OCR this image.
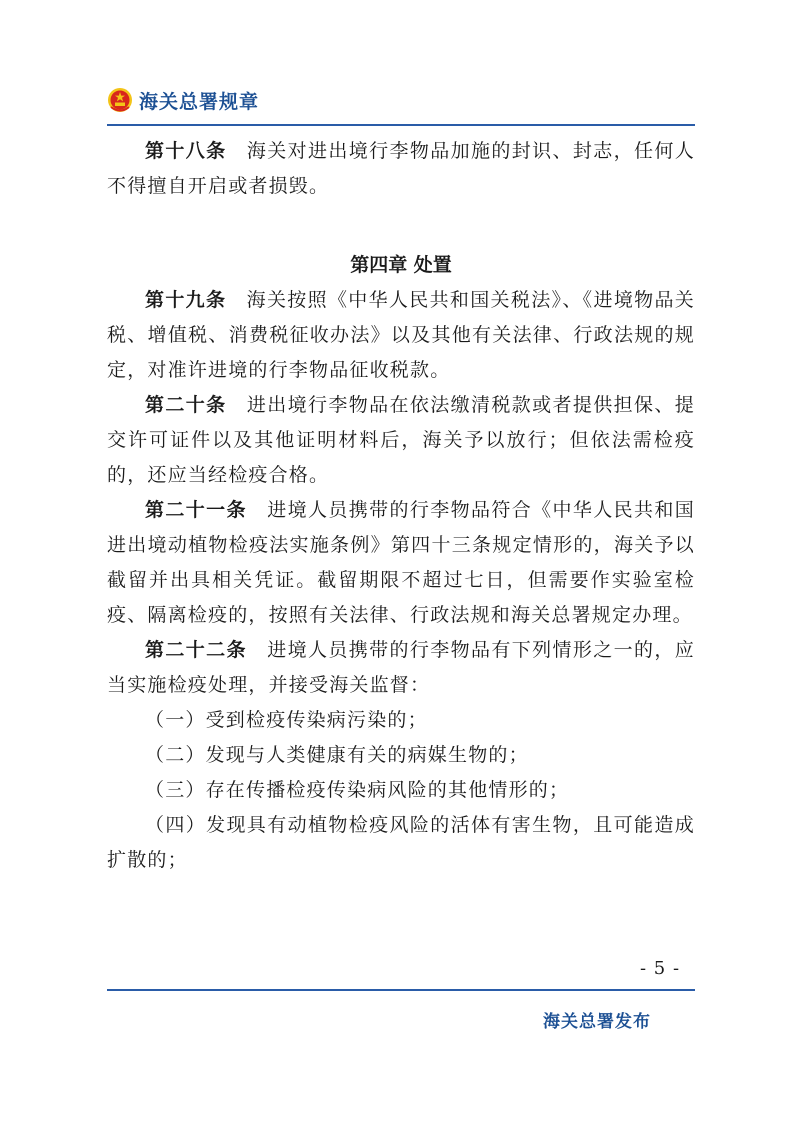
海关总署规章

第十八条　 海关对进出境行李物品加施的封识、封志，任何人不得擅自开启或者损毁。

第四章 处置

第十九条　 海关按照《中华人民共和国关税法》、《进境物品关税、增值税、消费税征收办法》以及其他有关法律、行政法规的规定，对准许进境的行李物品征收税款。

第二十条　 进出境行李物品在依法缴清税款或者提供担保、提交许可证件以及其他证明材料后，海关予以放行；但依法需检疫的，还应当经检疫合格。

第二十一条　 进境人员携带的行李物品符合《中华人民共和国进出境动植物检疫法实施条例》第四十三条规定情形的，海关予以截留并出具相关凭证。截留期限不超过七日，但需要作实验室检疫、隔离检疫的，按照有关法律、行政法规和海关总署规定办理。

第二十二条　 进境人员携带的行李物品有下列情形之一的，应当实施检疫处理，并接受海关监督：

（一）受到检疫传染病污染的；

（二）发现与人类健康有关的病媒生物的；

（三）存在传播检疫传染病风险的其他情形的；

（四）发现具有动植物检疫风险的活体有害生物，且可能造成扩散的；

- 5 -
海关总署发布
